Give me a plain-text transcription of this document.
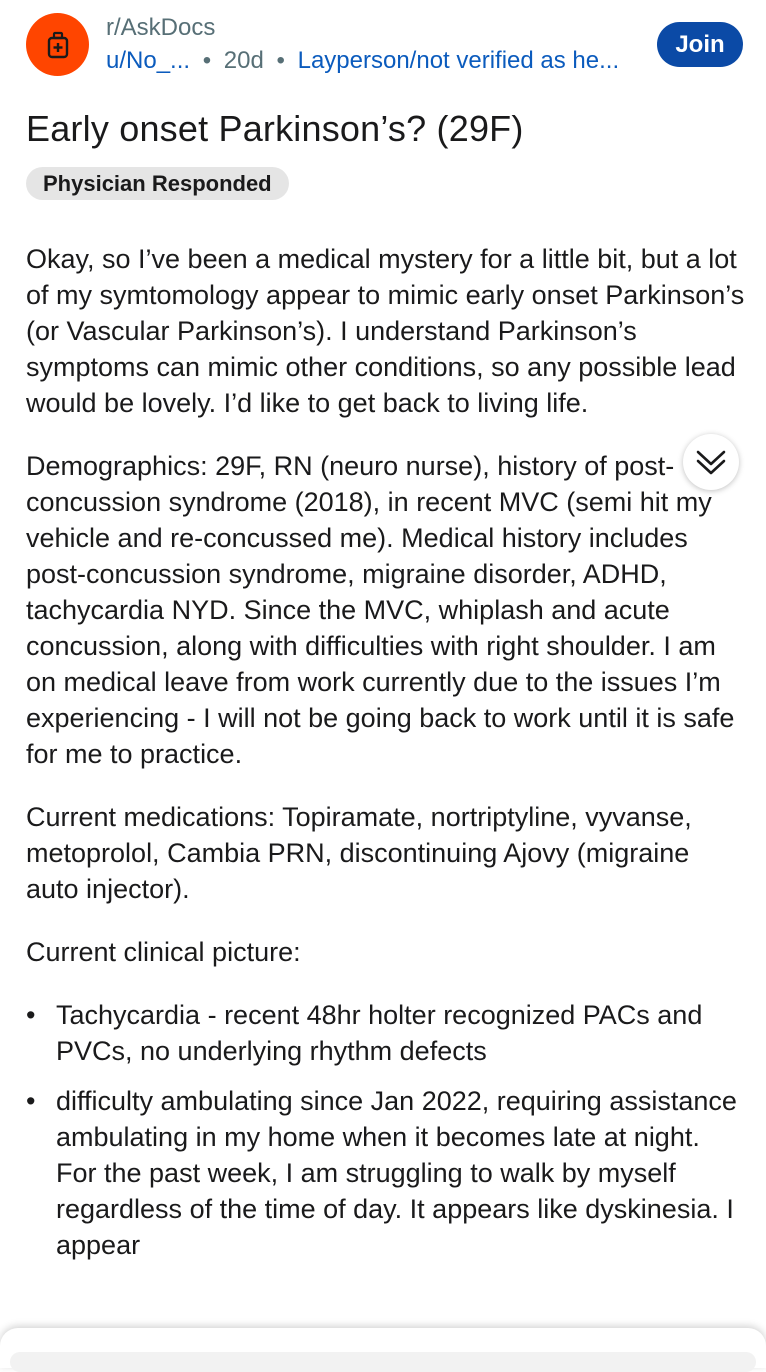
r/AskDocs
u/No_... • 20d • Layperson/not verified as he...
Join
Early onset Parkinson’s? (29F)
Physician Responded

Okay, so I’ve been a medical mystery for a little bit, but a lot of my symtomology appear to mimic early onset Parkinson’s (or Vascular Parkinson’s). I understand Parkinson’s symptoms can mimic other conditions, so any possible lead would be lovely. I’d like to get back to living life.

Demographics: 29F, RN (neuro nurse), history of post-concussion syndrome (2018), in recent MVC (semi hit my vehicle and re-concussed me). Medical history includes post-concussion syndrome, migraine disorder, ADHD, tachycardia NYD. Since the MVC, whiplash and acute concussion, along with difficulties with right shoulder. I am on medical leave from work currently due to the issues I’m experiencing - I will not be going back to work until it is safe for me to practice.

Current medications: Topiramate, nortriptyline, vyvanse, metoprolol, Cambia PRN, discontinuing Ajovy (migraine auto injector).

Current clinical picture:

• Tachycardia - recent 48hr holter recognized PACs and PVCs, no underlying rhythm defects
• difficulty ambulating since Jan 2022, requiring assistance ambulating in my home when it becomes late at night. For the past week, I am struggling to walk by myself regardless of the time of day. It appears like dyskinesia. I appear
